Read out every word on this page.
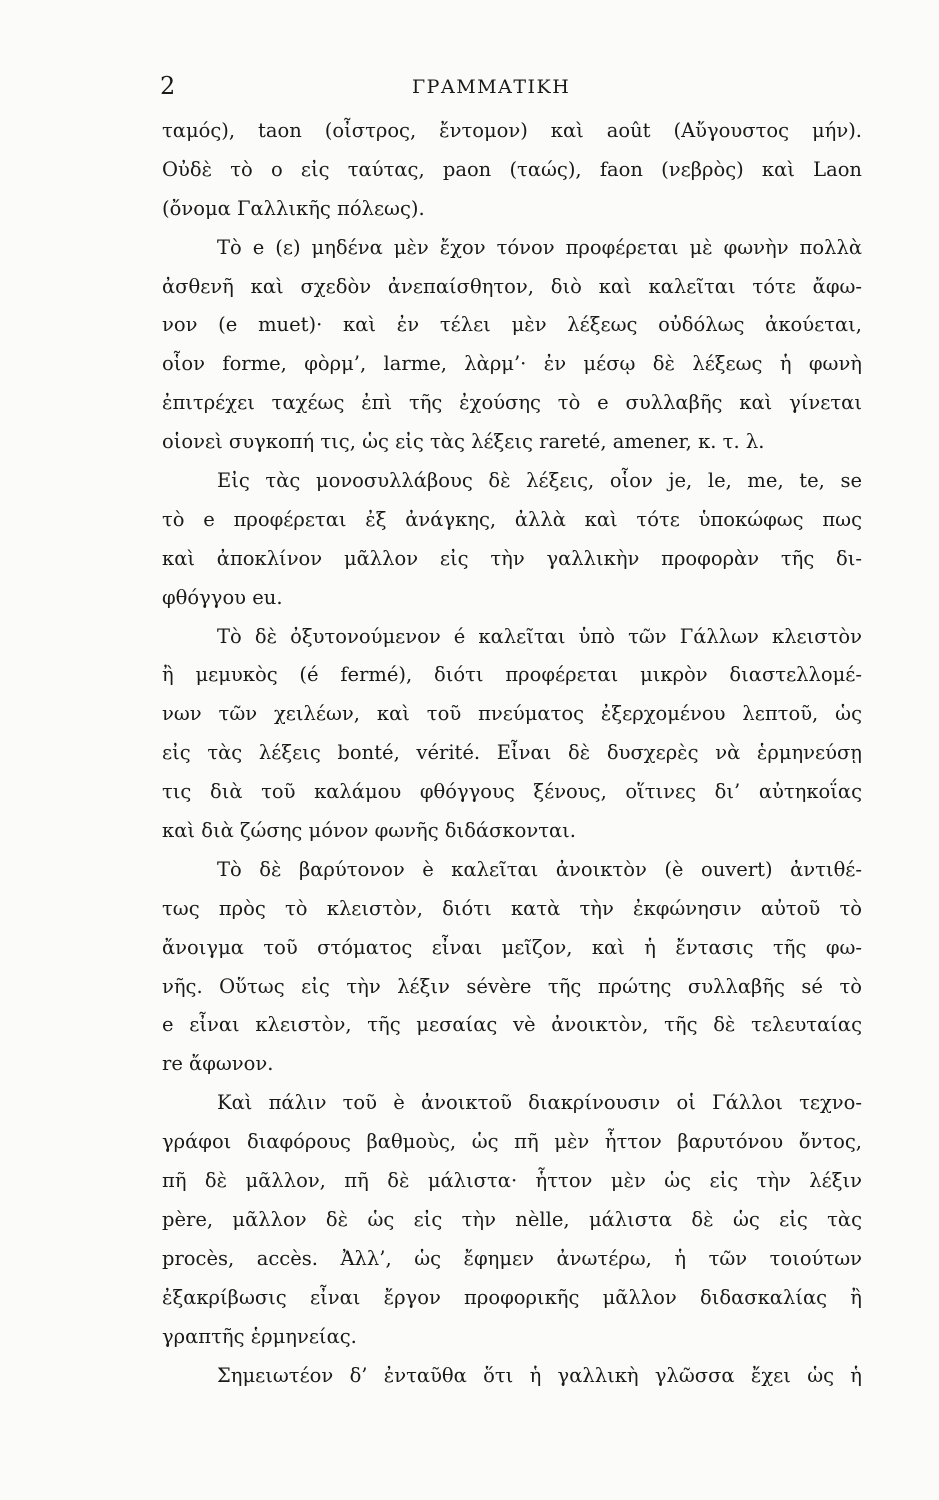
2	ΓΡΑΜΜΑΤΙΚΗ
ταμός), taon (οἶστρος, ἔντομον) καὶ août (Αὔγουστος μήν).
Οὐδὲ τὸ o εἰς ταύτας, paon (ταώς), faon (νεβρὸς) καὶ Laon
(ὄνομα Γαλλικῆς πόλεως).
Τὸ e (ε) μηδένα μὲν ἔχον τόνον προφέρεται μὲ φωνὴν πολλὰ
ἀσθενῆ καὶ σχεδὸν ἀνεπαίσθητον, διὸ καὶ καλεῖται τότε ἄφω-
νον (e muet)· καὶ ἐν τέλει μὲν λέξεως οὐδόλως ἀκούεται,
οἷον forme, φὸρμ’, larme, λὰρμ’· ἐν μέσῳ δὲ λέξεως ἡ φωνὴ
ἐπιτρέχει ταχέως ἐπὶ τῆς ἐχούσης τὸ e συλλαβῆς καὶ γίνεται
οἱονεὶ συγκοπή τις, ὡς εἰς τὰς λέξεις rareté, amener, κ. τ. λ.
Εἰς τὰς μονοσυλλάβους δὲ λέξεις, οἷον je, le, me, te, se
τὸ e προφέρεται ἐξ ἀνάγκης, ἀλλὰ καὶ τότε ὑποκώφως πως
καὶ ἀποκλίνον μᾶλλον εἰς τὴν γαλλικὴν προφορὰν τῆς δι-
φθόγγου eu.
Τὸ δὲ ὀξυτονούμενον é καλεῖται ὑπὸ τῶν Γάλλων κλειστὸν
ἢ μεμυκὸς (é fermé), διότι προφέρεται μικρὸν διαστελλομέ-
νων τῶν χειλέων, καὶ τοῦ πνεύματος ἐξερχομένου λεπτοῦ, ὡς
εἰς τὰς λέξεις bonté, vérité. Εἶναι δὲ δυσχερὲς νὰ ἑρμηνεύσῃ
τις διὰ τοῦ καλάμου φθόγγους ξένους, οἵτινες δι’ αὐτηκοΐας
καὶ διὰ ζώσης μόνον φωνῆς διδάσκονται.
Τὸ δὲ βαρύτονον è καλεῖται ἀνοικτὸν (è ouvert) ἀντιθέ-
τως πρὸς τὸ κλειστὸν, διότι κατὰ τὴν ἐκφώνησιν αὐτοῦ τὸ
ἄνοιγμα τοῦ στόματος εἶναι μεῖζον, καὶ ἡ ἔντασις τῆς φω-
νῆς. Οὕτως εἰς τὴν λέξιν sévère τῆς πρώτης συλλαβῆς sé τὸ
e εἶναι κλειστὸν, τῆς μεσαίας vè ἀνοικτὸν, τῆς δὲ τελευταίας
re ἄφωνον.
Καὶ πάλιν τοῦ è ἀνοικτοῦ διακρίνουσιν οἱ Γάλλοι τεχνο-
γράφοι διαφόρους βαθμοὺς, ὡς πῆ μὲν ἧττον βαρυτόνου ὄντος,
πῆ δὲ μᾶλλον, πῆ δὲ μάλιστα· ἧττον μὲν ὡς εἰς τὴν λέξιν
père, μᾶλλον δὲ ὡς εἰς τὴν nèlle, μάλιστα δὲ ὡς εἰς τὰς
procès, accès. Ἀλλ’, ὡς ἔφημεν ἀνωτέρω, ἡ τῶν τοιούτων
ἐξακρίβωσις εἶναι ἔργον προφορικῆς μᾶλλον διδασκαλίας ἢ
γραπτῆς ἑρμηνείας.
Σημειωτέον δ’ ἐνταῦθα ὅτι ἡ γαλλικὴ γλῶσσα ἔχει ὡς ἡ
